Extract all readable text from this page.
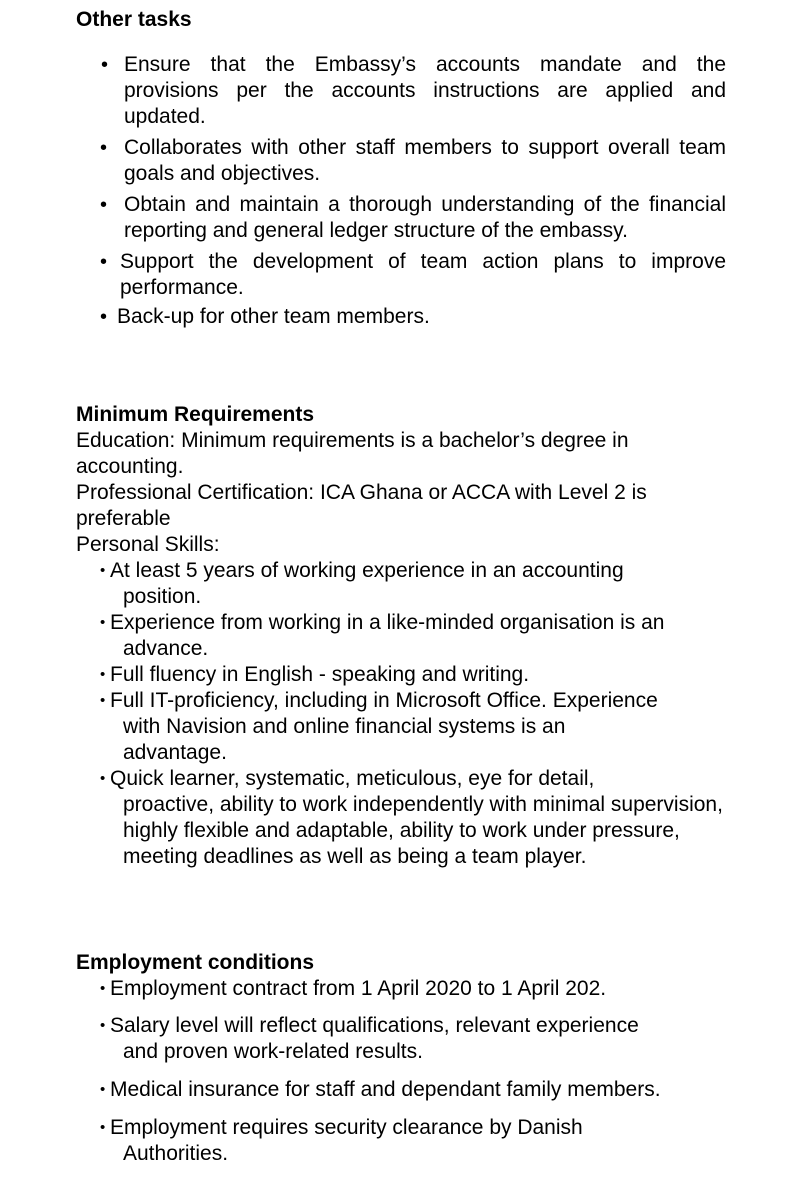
Other tasks
• Ensure that the Embassy’s accounts mandate and the provisions per the accounts instructions are applied and updated.
• Collaborates with other staff members to support overall team goals and objectives.
• Obtain and maintain a thorough understanding of the financial reporting and general ledger structure of the embassy.
• Support the development of team action plans to improve performance.
• Back-up for other team members.
Minimum Requirements

Education: Minimum requirements is a bachelor’s degree in

accounting.

Professional Certification: ICA Ghana or ACCA with Level 2 is

preferable

Personal Skills:

• At least 5 years of working experience in an accounting
position.
• Experience from working in a like-minded organisation is an
advance.
• Full fluency in English - speaking and writing.
• Full IT-proficiency, including in Microsoft Office. Experience
with Navision and online financial systems is an advantage.
• Quick learner, systematic, meticulous, eye for detail,
proactive, ability to work independently with minimal supervision, highly flexible and adaptable, ability to work under pressure, meeting deadlines as well as being a team player.
Employment conditions
• Employment contract from 1 April 2020 to 1 April 202.
• Salary level will reflect qualifications, relevant experience
and proven work-related results.
• Medical insurance for staff and dependant family members.
• Employment requires security clearance by Danish
Authorities.
